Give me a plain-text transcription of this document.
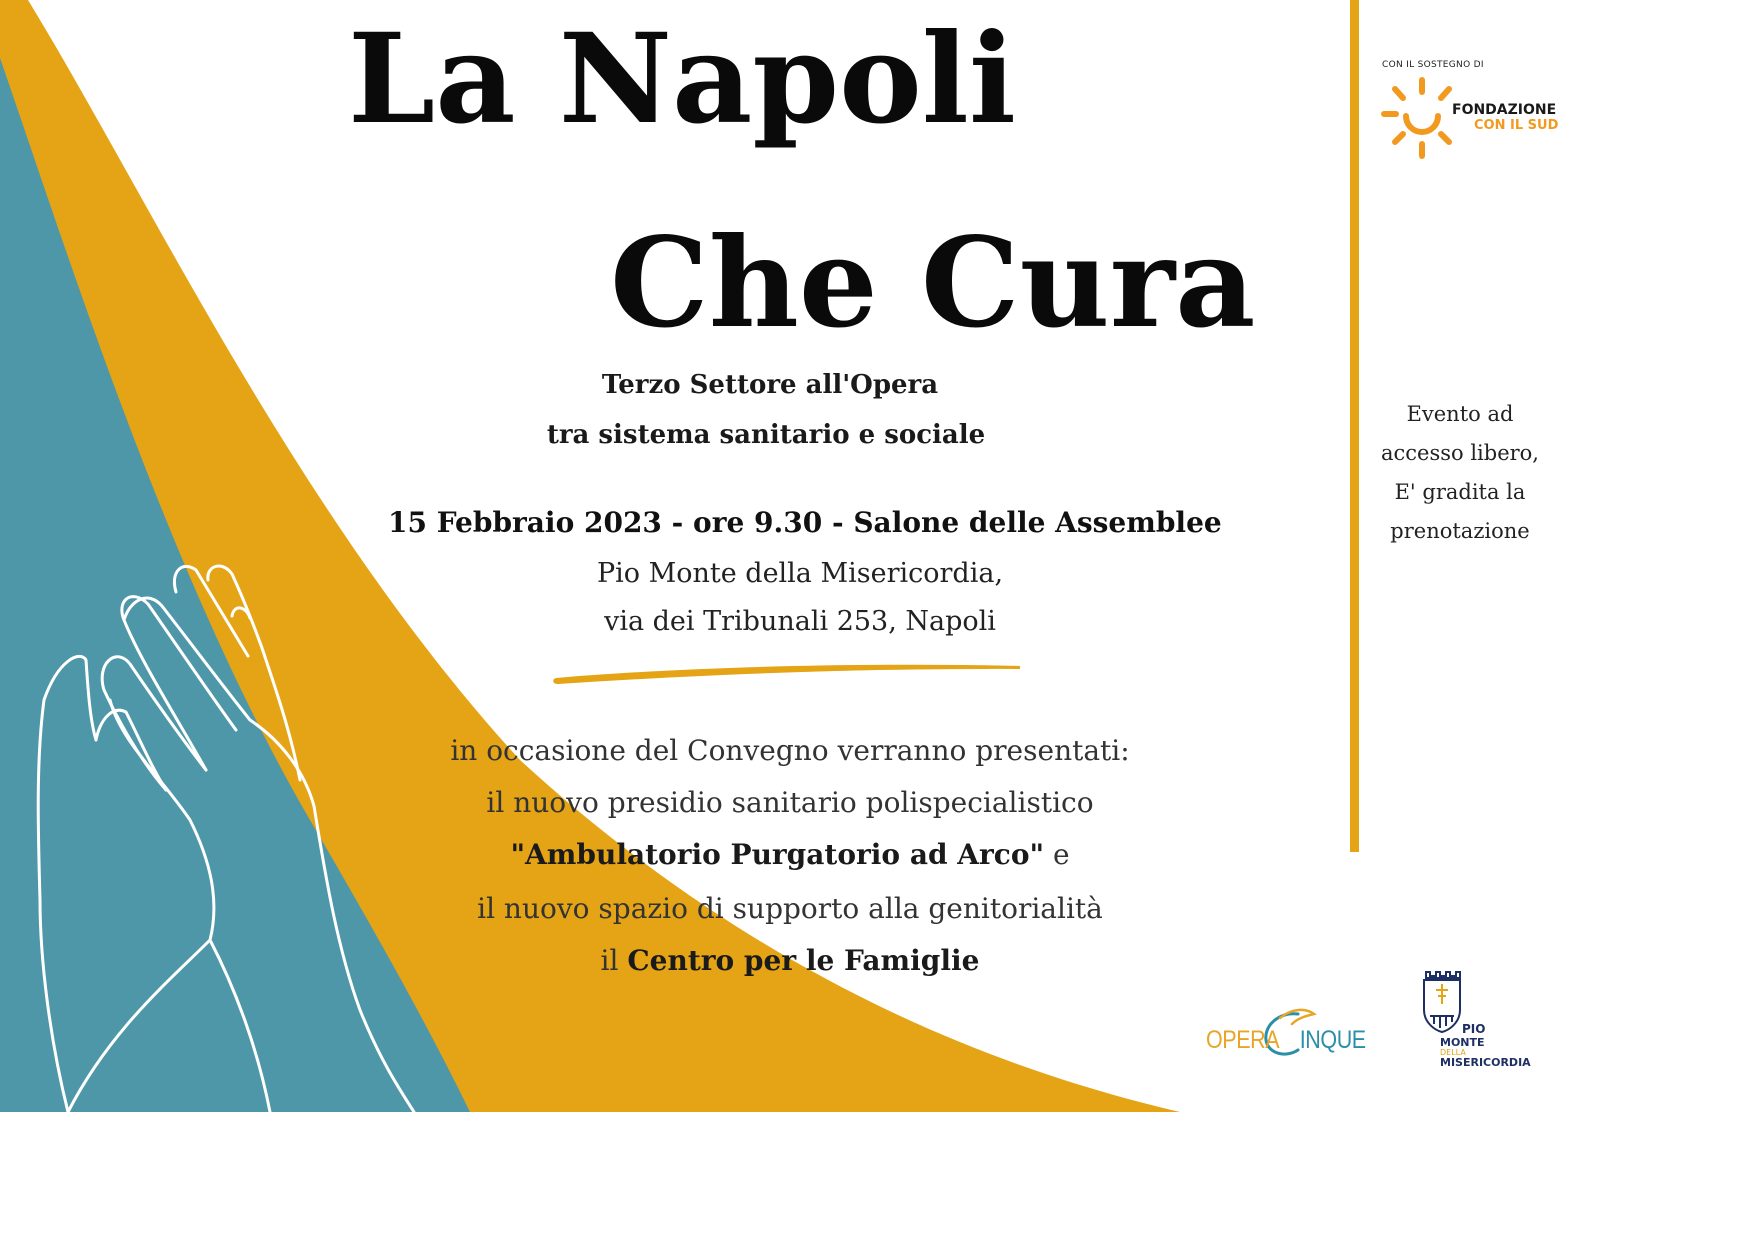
La Napoli
Che Cura
Terzo Settore all'Opera
tra sistema sanitario e sociale
15 Febbraio 2023 - ore 9.30 - Salone delle Assemblee
Pio Monte della Misericordia,
via dei Tribunali 253, Napoli
in occasione del Convegno verranno presentati:
il nuovo presidio sanitario polispecialistico
"Ambulatorio Purgatorio ad Arco" e
il nuovo spazio di supporto alla genitorialità
il Centro per le Famiglie
CON IL SOSTEGNO DI
FONDAZIONE
CON IL SUD
Evento ad
accesso libero,
E' gradita la
prenotazione
OPERA INQUE	PIO
MONTE
DELLA
MISERICORDIA
